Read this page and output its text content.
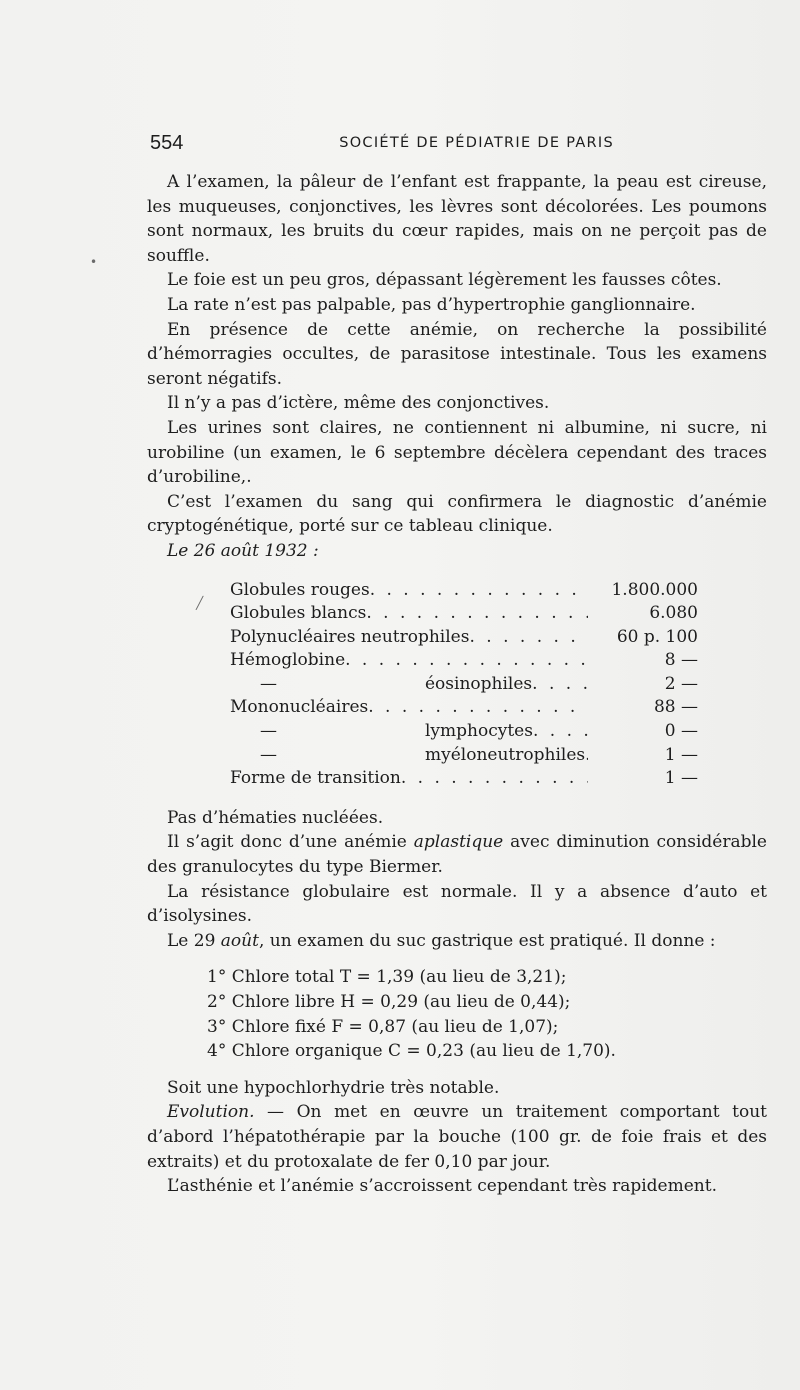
•
╱
554	SOCIÉTÉ DE PÉDIATRIE DE PARIS

A l’examen, la pâleur de l’enfant est frappante, la peau est cireuse, les muqueuses, conjonctives, les lèvres sont décolorées. Les poumons sont normaux, les bruits du cœur rapides, mais on ne perçoit pas de souffle.

Le foie est un peu gros, dépassant légèrement les fausses côtes.

La rate n’est pas palpable, pas d’hypertrophie ganglionnaire.

En présence de cette anémie, on recherche la possibilité d’hémorragies occultes, de parasitose intestinale. Tous les examens seront négatifs.

Il n’y a pas d’ictère, même des conjonctives.

Les urines sont claires, ne contiennent ni albumine, ni sucre, ni urobiline (un examen, le 6 septembre décèlera cependant des traces d’urobiline,.

C’est l’examen du sang qui confirmera le diagnostic d’anémie cryptogénétique, porté sur ce tableau clinique.

Le 26 août 1932 :

Globules rouges . . .	1.800.000
Globules blancs . . .	6.080
Polynucléaires neutrophiles . . .	60 p. 100
Hémoglobine . . .	8 —
—	éosinophiles . . .	2 —
Mononucléaires . . .	88 —
—	lymphocytes . . .	0 —
—	myéloneutrophiles . . .	1 —
Forme de transition . . .	1 —

Pas d’hématies nucléées.

Il s’agit donc d’une anémie aplastique avec diminution considérable des granulocytes du type Biermer.

La résistance globulaire est normale. Il y a absence d’auto et d’isolysines.

Le 29 août, un examen du suc gastrique est pratiqué. Il donne :

1° Chlore total T = 1,39 (au lieu de 3,21);
2° Chlore libre H = 0,29 (au lieu de 0,44);
3° Chlore fixé F = 0,87 (au lieu de 1,07);
4° Chlore organique C = 0,23 (au lieu de 1,70).

Soit une hypochlorhydrie très notable.

Evolution. — On met en œuvre un traitement comportant tout d’abord l’hépatothérapie par la bouche (100 gr. de foie frais et des extraits) et du protoxalate de fer 0,10 par jour.

L’asthénie et l’anémie s’accroissent cependant très rapidement.
